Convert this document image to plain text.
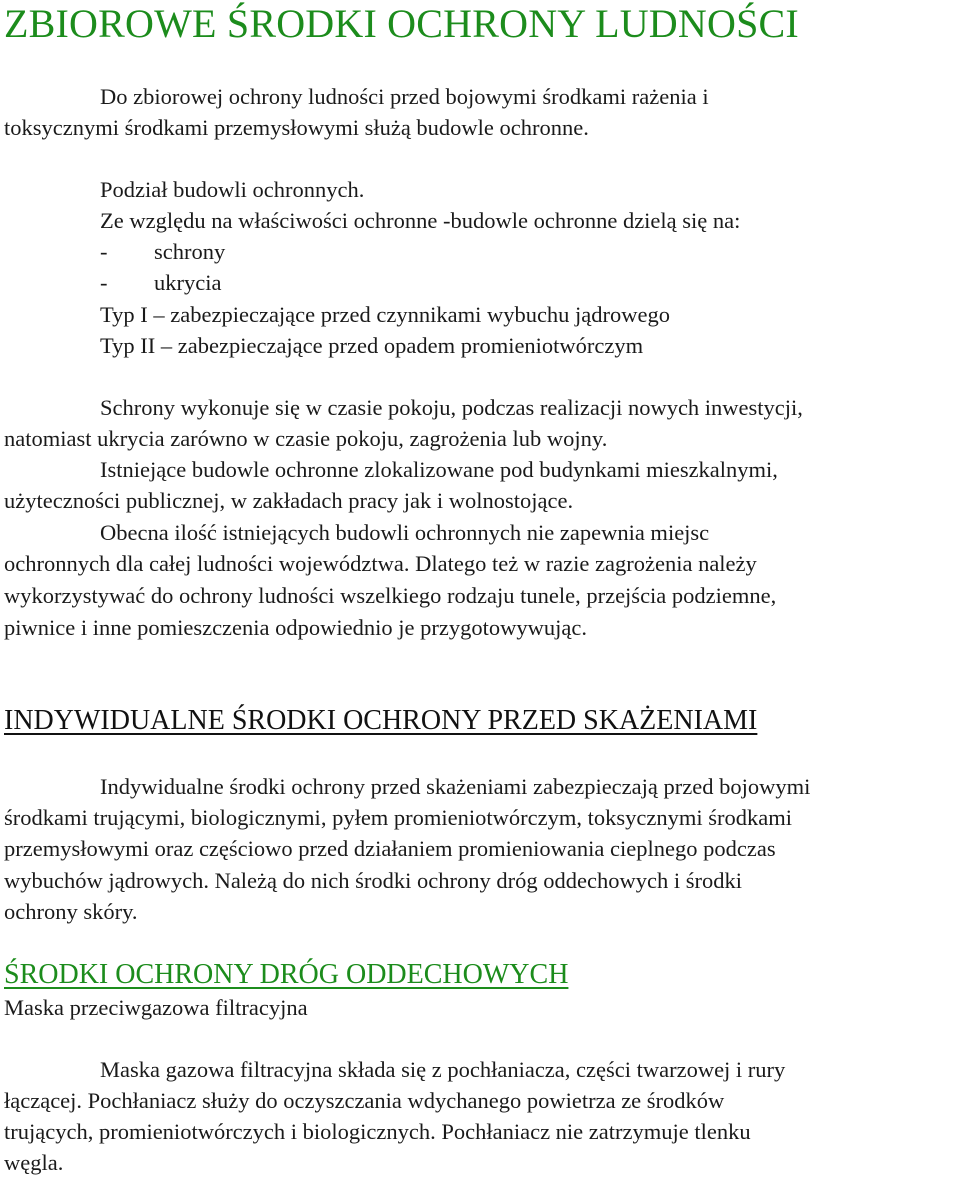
ZBIOROWE ŚRODKI OCHRONY LUDNOŚCI
Do zbiorowej ochrony ludności przed bojowymi środkami rażenia i
toksycznymi środkami przemysłowymi służą budowle ochronne.
Podział budowli ochronnych.
Ze względu na właściwości ochronne -budowle ochronne dzielą się na:
- schrony
- ukrycia
Typ I – zabezpieczające przed czynnikami wybuchu jądrowego
Typ II – zabezpieczające przed opadem promieniotwórczym
Schrony wykonuje się w czasie pokoju, podczas realizacji nowych inwestycji,
natomiast ukrycia zarówno w czasie pokoju, zagrożenia lub wojny.
Istniejące budowle ochronne zlokalizowane pod budynkami mieszkalnymi,
użyteczności publicznej, w zakładach pracy jak i wolnostojące.
Obecna ilość istniejących budowli ochronnych nie zapewnia miejsc
ochronnych dla całej ludności województwa. Dlatego też w razie zagrożenia należy
wykorzystywać do ochrony ludności wszelkiego rodzaju tunele, przejścia podziemne,
piwnice i inne pomieszczenia odpowiednio je przygotowywując.
INDYWIDUALNE ŚRODKI OCHRONY PRZED SKAŻENIAMI
Indywidualne środki ochrony przed skażeniami zabezpieczają przed bojowymi
środkami trującymi, biologicznymi, pyłem promieniotwórczym, toksycznymi środkami
przemysłowymi oraz częściowo przed działaniem promieniowania cieplnego podczas
wybuchów jądrowych. Należą do nich środki ochrony dróg oddechowych i środki
ochrony skóry.
ŚRODKI OCHRONY DRÓG ODDECHOWYCH
Maska przeciwgazowa filtracyjna
Maska gazowa filtracyjna składa się z pochłaniacza, części twarzowej i rury
łączącej. Pochłaniacz służy do oczyszczania wdychanego powietrza ze środków
trujących, promieniotwórczych i biologicznych. Pochłaniacz nie zatrzymuje tlenku
węgla.
